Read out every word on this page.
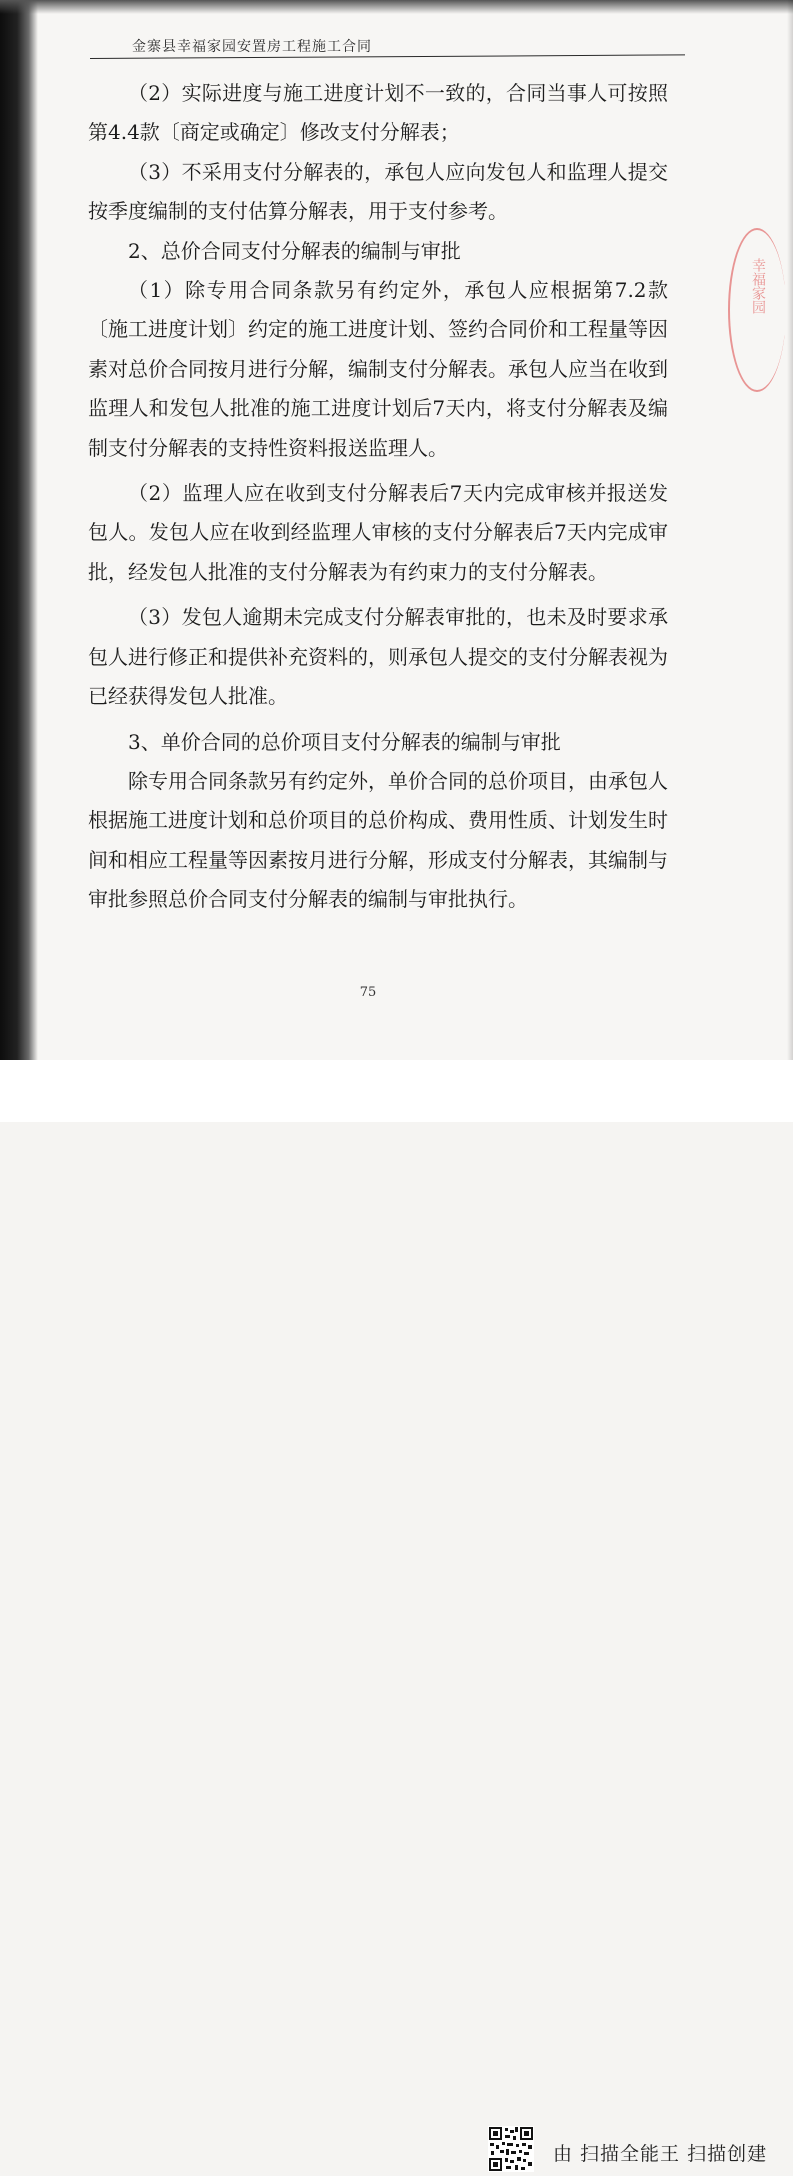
金寨县幸福家园安置房工程施工合同

（2）实际进度与施工进度计划不一致的，合同当事人可按照第4.4款〔商定或确定〕修改支付分解表；

（3）不采用支付分解表的，承包人应向发包人和监理人提交按季度编制的支付估算分解表，用于支付参考。

2、总价合同支付分解表的编制与审批

（1）除专用合同条款另有约定外，承包人应根据第7.2款〔施工进度计划〕约定的施工进度计划、签约合同价和工程量等因素对总价合同按月进行分解，编制支付分解表。承包人应当在收到监理人和发包人批准的施工进度计划后7天内，将支付分解表及编制支付分解表的支持性资料报送监理人。

（2）监理人应在收到支付分解表后7天内完成审核并报送发包人。发包人应在收到经监理人审核的支付分解表后7天内完成审批，经发包人批准的支付分解表为有约束力的支付分解表。

（3）发包人逾期未完成支付分解表审批的，也未及时要求承包人进行修正和提供补充资料的，则承包人提交的支付分解表视为已经获得发包人批准。

3、单价合同的总价项目支付分解表的编制与审批

除专用合同条款另有约定外，单价合同的总价项目，由承包人根据施工进度计划和总价项目的总价构成、费用性质、计划发生时间和相应工程量等因素按月进行分解，形成支付分解表，其编制与审批参照总价合同支付分解表的编制与审批执行。

幸福家园
75
由 扫描全能王 扫描创建
